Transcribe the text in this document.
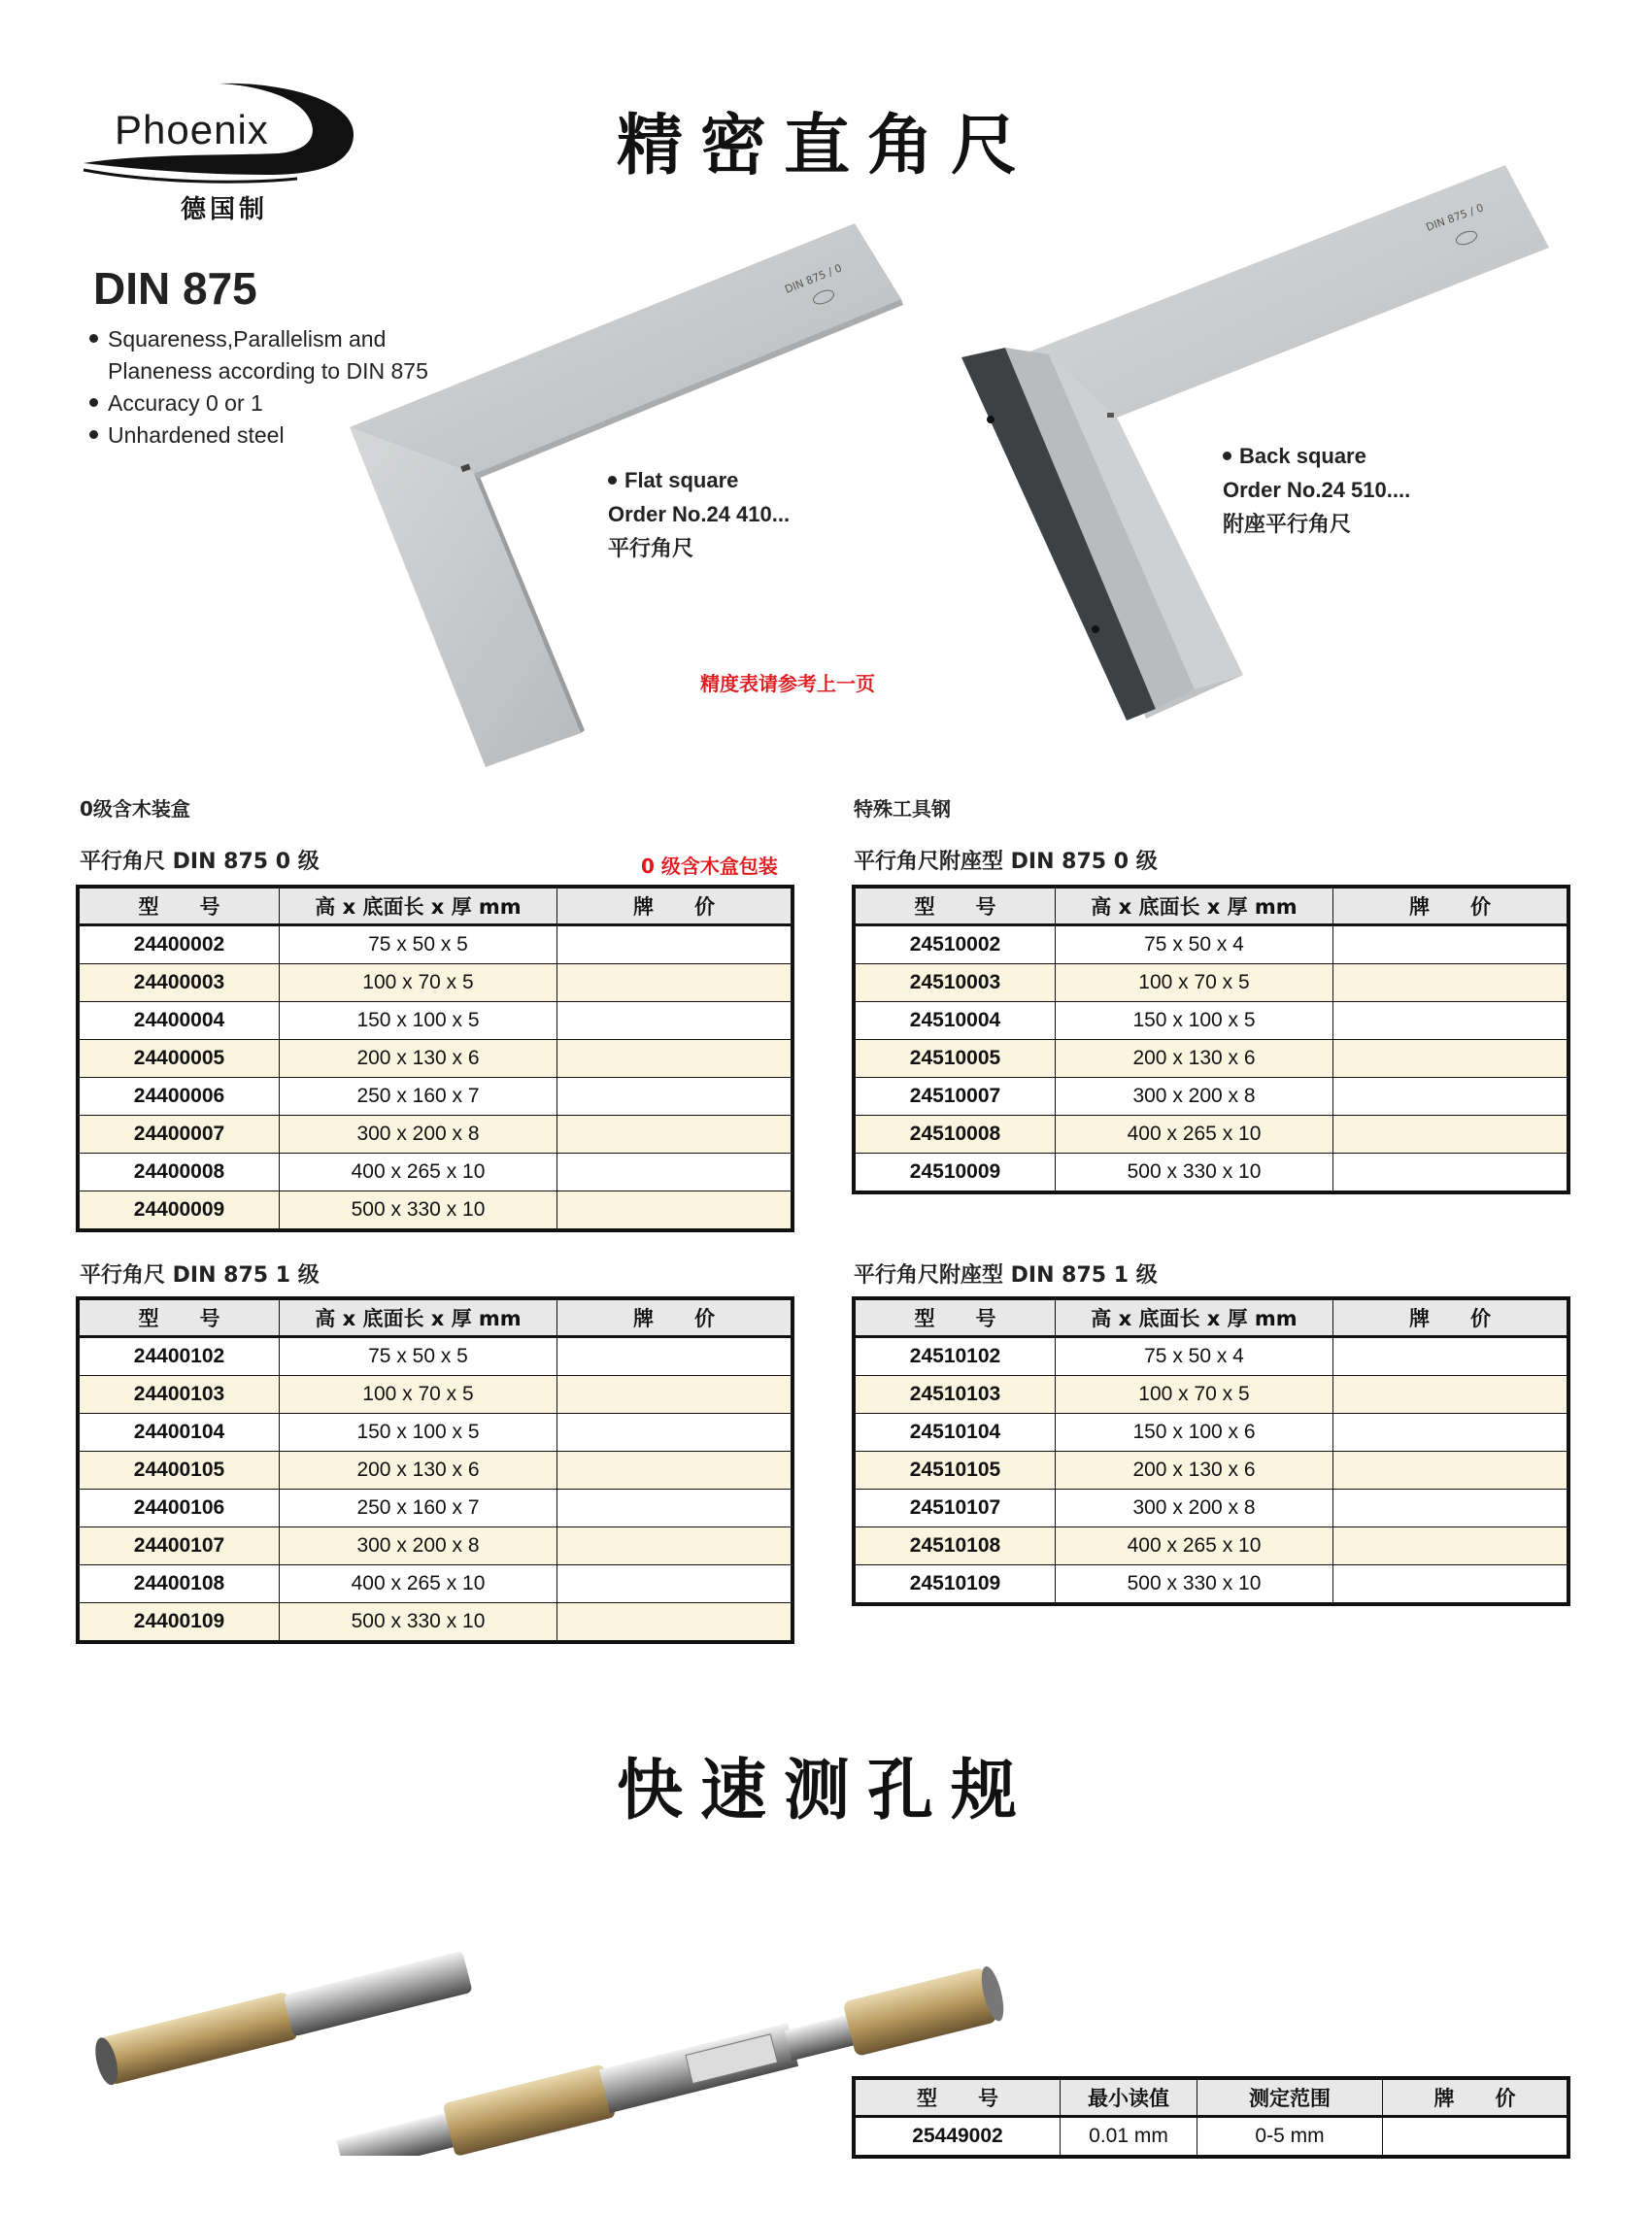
Phoenix
德国制
精密直角尺
DIN 875
Squareness,Parallelism and
Planeness according to DIN 875
Accuracy 0 or 1
Unhardened steel
DIN 875 / 0
DIN 875 / 0
Flat square
Order No.24 410...
平行角尺
Back square
Order No.24 510....
附座平行角尺
精度表请参考上一页
0级含木装盒	特殊工具钢
平行角尺 DIN 875 0 级	0 级含木盒包装	平行角尺附座型 DIN 875 0 级
平行角尺 DIN 875 1 级	平行角尺附座型 DIN 875 1 级
型　　号	高 x 底面长 x 厚 mm	牌　　价
24400002	75 x 50 x 5	
24400003	100 x 70 x 5	
24400004	150 x 100 x 5	
24400005	200 x 130 x 6	
24400006	250 x 160 x 7	
24400007	300 x 200 x 8	
24400008	400 x 265 x 10	
24400009	500 x 330 x 10	
型　　号	高 x 底面长 x 厚 mm	牌　　价
24510002	75 x 50 x 4	
24510003	100 x 70 x 5	
24510004	150 x 100 x 5	
24510005	200 x 130 x 6	
24510007	300 x 200 x 8	
24510008	400 x 265 x 10	
24510009	500 x 330 x 10	
型　　号	高 x 底面长 x 厚 mm	牌　　价
24400102	75 x 50 x 5	
24400103	100 x 70 x 5	
24400104	150 x 100 x 5	
24400105	200 x 130 x 6	
24400106	250 x 160 x 7	
24400107	300 x 200 x 8	
24400108	400 x 265 x 10	
24400109	500 x 330 x 10	
型　　号	高 x 底面长 x 厚 mm	牌　　价
24510102	75 x 50 x 4	
24510103	100 x 70 x 5	
24510104	150 x 100 x 6	
24510105	200 x 130 x 6	
24510107	300 x 200 x 8	
24510108	400 x 265 x 10	
24510109	500 x 330 x 10	
快速测孔规
型　　号	最小读值	测定范围	牌　　价
25449002	0.01 mm	0-5 mm	
